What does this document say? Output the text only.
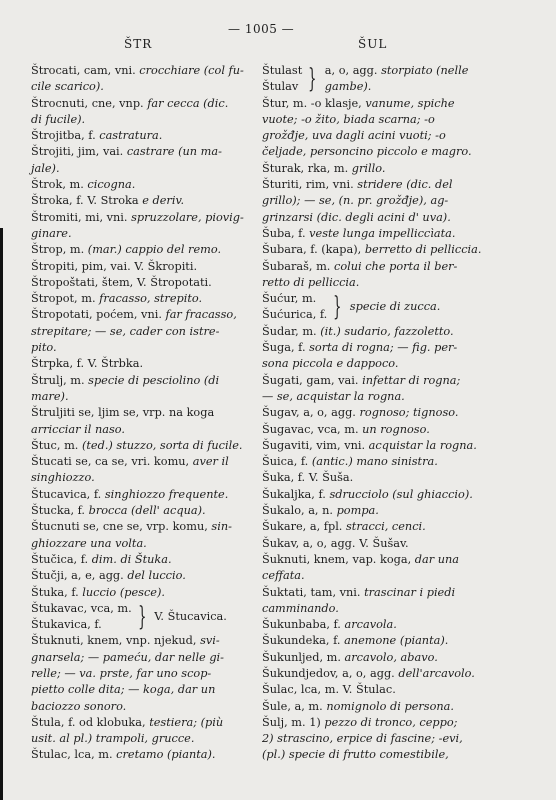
— 1005 —
ŠTR	ŠUL
Štrocati, cam, vni. crocchiare (col fu-
cile scarico).
Štrocnuti, cne, vnp. far cecca (dic.
di fucile).
Štrojitba, f. castratura.
Štrojiti, jim, vai. castrare (un ma-
jale).
Štrok, m. cicogna.
Štroka, f. V. Stroka e deriv.
Štromiti, mi, vni. spruzzolare, piovig-
ginare.
Štrop, m. (mar.) cappio del remo.
Štropiti, pim, vai. V. Škropiti.
Štropoštati, štem, V. Štropotati.
Štropot, m. fracasso, strepito.
Štropotati, poćem, vni. far fracasso,
strepitare; — se, cader con istre-
pito.
Štrpka, f. V. Štrbka.
Štrulj, m. specie di pesciolino (di
mare).
Štruljiti se, ljim se, vrp. na koga
arricciar il naso.
Štuc, m. (ted.) stuzzo, sorta di fucile.
Štucati se, ca se, vri. komu, aver il
singhiozzo.
Štucavica, f. singhiozzo frequente.
Štucka, f. brocca (dell' acqua).
Štucnuti se, cne se, vrp. komu, sin-
ghiozzare una volta.
Štučica, f. dim. di Štuka.
Štučji, a, e, agg. del luccio.
Štuka, f. luccio (pesce).
Štukavac, vca, m.
Štukavica, f.	} V. Štucavica.
Štuknuti, knem, vnp. njekud, svi-
gnarsela; — pameću, dar nelle gi-
relle; — va. prste, far uno scop-
pietto colle dita; — koga, dar un
baciozzo sonoro.
Štula, f. od klobuka, testiera; (più
usit. al pl.) trampoli, grucce.
Štulac, lca, m. cretamo (pianta).
Štulast
Štulav } a, o, agg. storpiato (nelle
gambe).
Štur, m. -o klasje, vanume, spiche
vuote; -o žito, biada scarna; -o
grožđje, uva dagli acini vuoti; -o
čeljade, personcino piccolo e magro.
Šturak, rka, m. grillo.
Šturiti, rim, vni. stridere (dic. del
grillo); — se, (n. pr. grožđje), ag-
grinzarsi (dic. degli acini d' uva).
Šuba, f. veste lunga impelliccìata.
Šubara, f. (kapa), berretto di pelliccia.
Šubaraš, m. colui che porta il ber-
retto di pelliccia.
Šućur, m.
Šućurica, f. } specie di zucca.
Šudar, m. (it.) sudario, fazzoletto.
Šuga, f. sorta di rogna; — fig. per-
sona piccola e dappoco.
Šugati, gam, vai. infettar di rogna;
— se, acquistar la rogna.
Šugav, a, o, agg. rognoso; tignoso.
Šugavac, vca, m. un rognoso.
Šugaviti, vim, vni. acquistar la rogna.
Šuica, f. (antic.) mano sinistra.
Šuka, f. V. Šuša.
Šukaljka, f. sdrucciolo (sul ghiaccio).
Šukalo, a, n. pompa.
Šukare, a, fpl. stracci, cenci.
Šukav, a, o, agg. V. Šušav.
Šuknuti, knem, vap. koga, dar una
ceffata.
Šuktati, tam, vni. trascinar i piedi
camminando.
Šukunbaba, f. arcavola.
Šukundeka, f. anemone (pianta).
Šukunljed, m. arcavolo, abavo.
Šukundjedov, a, o, agg. dell'arcavolo.
Šulac, lca, m. V. Štulac.
Šule, a, m. nomignolo di persona.
Šulj, m. 1) pezzo di tronco, ceppo;
2) strascino, erpice di fascine; -evi,
(pl.) specie di frutto comestibile,
